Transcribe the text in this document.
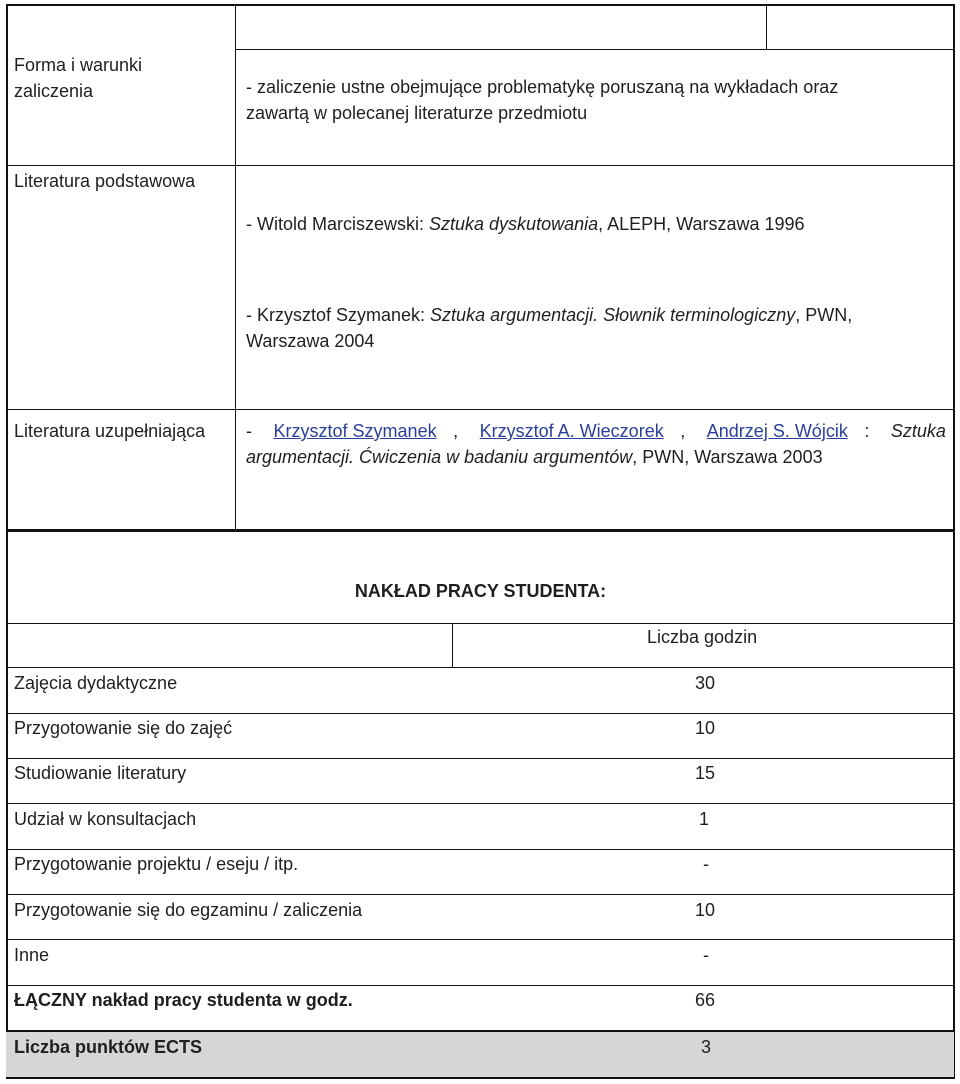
Forma i warunki
zaliczenia	- zaliczenie ustne obejmujące problematykę poruszaną na wykładach oraz
zawartą w polecanej literaturze przedmiotu
Literatura podstawowa
- Witold Marciszewski: Sztuka dyskutowania, ALEPH, Warszawa 1996
- Krzysztof Szymanek: Sztuka argumentacji. Słownik terminologiczny, PWN,
Warszawa 2004
Literatura uzupełniająca	- Krzysztof Szymanek , Krzysztof A. Wieczorek , Andrzej S. Wójcik : Sztuka
argumentacji. Ćwiczenia w badaniu argumentów, PWN, Warszawa 2003
NAKŁAD PRACY STUDENTA:
Liczba godzin
Zajęcia dydaktyczne	30
Przygotowanie się do zajęć	10
Studiowanie literatury	15
Udział w konsultacjach	1
Przygotowanie projektu / eseju / itp.	-
Przygotowanie się do egzaminu / zaliczenia	10
Inne	-
ŁĄCZNY nakład pracy studenta w godz.	66
Liczba punktów ECTS	3
